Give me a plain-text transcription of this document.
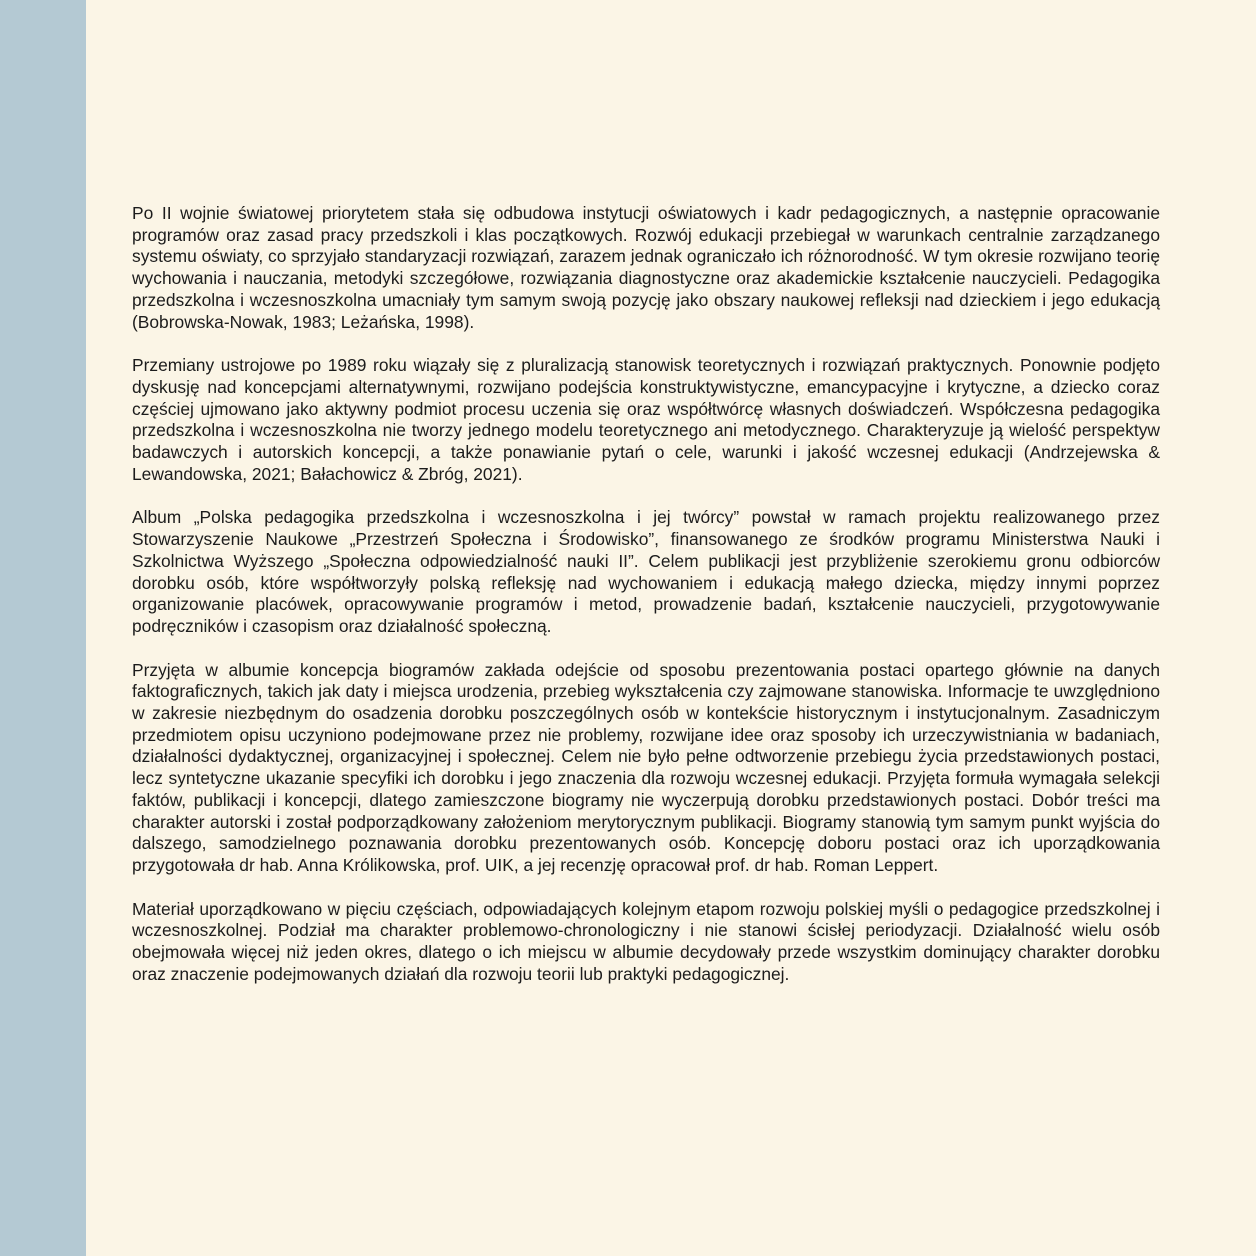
Po II wojnie światowej priorytetem stała się odbudowa instytucji oświatowych i kadr pedagogicznych, a następnie opracowanie programów oraz zasad pracy przedszkoli i klas początkowych. Rozwój edukacji przebiegał w warunkach centralnie zarządzanego systemu oświaty, co sprzyjało standaryzacji rozwiązań, zarazem jednak ograniczało ich różnorodność. W tym okresie rozwijano teorię wychowania i nauczania, metodyki szczegółowe, rozwiązania diagnostyczne oraz akademickie kształcenie nauczycieli. Pedagogika przedszkolna i wczesnoszkolna umacniały tym samym swoją pozycję jako obszary naukowej refleksji nad dzieckiem i jego edukacją (Bobrowska-Nowak, 1983; Leżańska, 1998).

Przemiany ustrojowe po 1989 roku wiązały się z pluralizacją stanowisk teoretycznych i rozwiązań praktycznych. Ponownie podjęto dyskusję nad koncepcjami alternatywnymi, rozwijano podejścia konstruktywistyczne, emancypacyjne i krytyczne, a dziecko coraz częściej ujmowano jako aktywny podmiot procesu uczenia się oraz współtwórcę własnych doświadczeń. Współczesna pedagogika przedszkolna i wczesnoszkolna nie tworzy jednego modelu teoretycznego ani metodycznego. Charakteryzuje ją wielość perspektyw badawczych i autorskich koncepcji, a także ponawianie pytań o cele, warunki i jakość wczesnej edukacji (Andrzejewska & Lewandowska, 2021; Bałachowicz & Zbróg, 2021).

Album „Polska pedagogika przedszkolna i wczesnoszkolna i jej twórcy” powstał w ramach projektu realizowanego przez Stowarzyszenie Naukowe „Przestrzeń Społeczna i Środowisko”, finansowanego ze środków programu Ministerstwa Nauki i Szkolnictwa Wyższego „Społeczna odpowiedzialność nauki II”. Celem publikacji jest przybliżenie szerokiemu gronu odbiorców dorobku osób, które współtworzyły polską refleksję nad wychowaniem i edukacją małego dziecka, między innymi poprzez organizowanie placówek, opracowywanie programów i metod, prowadzenie badań, kształcenie nauczycieli, przygotowywanie podręczników i czasopism oraz działalność społeczną.

Przyjęta w albumie koncepcja biogramów zakłada odejście od sposobu prezentowania postaci opartego głównie na danych faktograficznych, takich jak daty i miejsca urodzenia, przebieg wykształcenia czy zajmowane stanowiska. Informacje te uwzględniono w zakresie niezbędnym do osadzenia dorobku poszczególnych osób w kontekście historycznym i instytucjonalnym. Zasadniczym przedmiotem opisu uczyniono podejmowane przez nie problemy, rozwijane idee oraz sposoby ich urzeczywistniania w badaniach, działalności dydaktycznej, organizacyjnej i społecznej. Celem nie było pełne odtworzenie przebiegu życia przedstawionych postaci, lecz syntetyczne ukazanie specyfiki ich dorobku i jego znaczenia dla rozwoju wczesnej edukacji. Przyjęta formuła wymagała selekcji faktów, publikacji i koncepcji, dlatego zamieszczone biogramy nie wyczerpują dorobku przedstawionych postaci. Dobór treści ma charakter autorski i został podporządkowany założeniom merytorycznym publikacji. Biogramy stanowią tym samym punkt wyjścia do dalszego, samodzielnego poznawania dorobku prezentowanych osób. Koncepcję doboru postaci oraz ich uporządkowania przygotowała dr hab. Anna Królikowska, prof. UIK, a jej recenzję opracował prof. dr hab. Roman Leppert.

Materiał uporządkowano w pięciu częściach, odpowiadających kolejnym etapom rozwoju polskiej myśli o pedagogice przedszkolnej i wczesnoszkolnej. Podział ma charakter problemowo-chronologiczny i nie stanowi ścisłej periodyzacji. Działalność wielu osób obejmowała więcej niż jeden okres, dlatego o ich miejscu w albumie decydowały przede wszystkim dominujący charakter dorobku oraz znaczenie podejmowanych działań dla rozwoju teorii lub praktyki pedagogicznej.
